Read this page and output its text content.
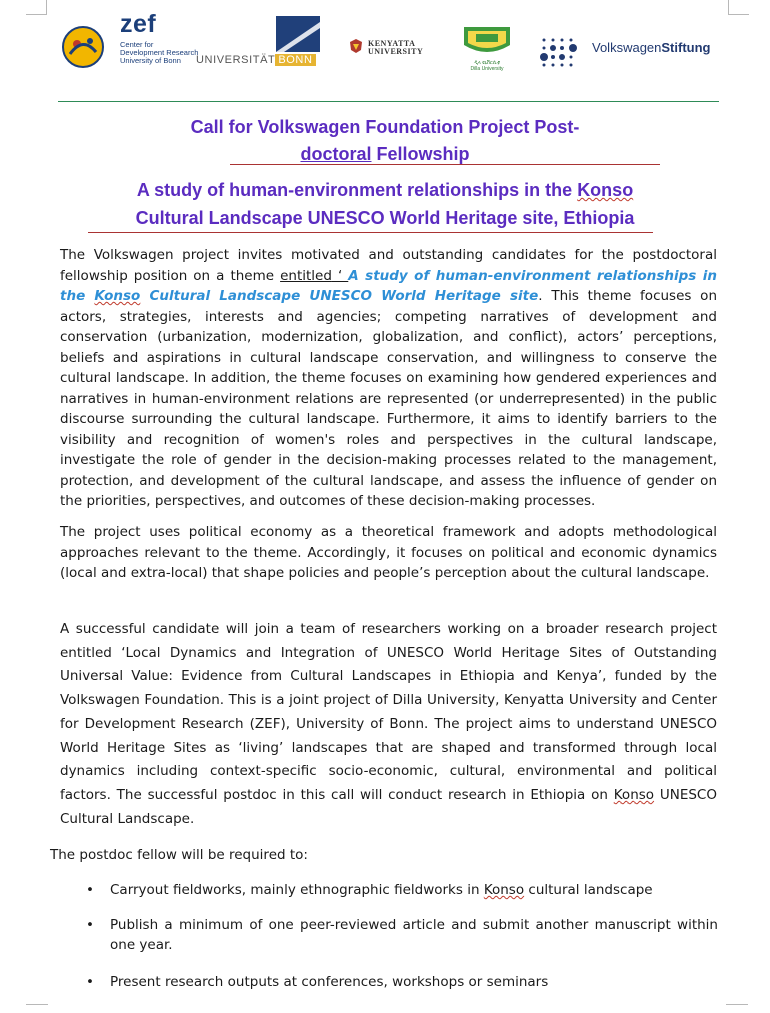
zef
Center for
Development Research
University of Bonn	UNIVERSITÄT BONN
KENYATTA
UNIVERSITY
ዲላ ዩኒቨርሲቲ
Dilla University
VolkswagenStiftung
Call for Volkswagen Foundation Project Post-
doctoral Fellowship
A study of human-environment relationships in the Konso
Cultural Landscape UNESCO World Heritage site, Ethiopia
The Volkswagen project invites motivated and outstanding candidates for the postdoctoral fellowship position on a theme entitled ‘ A study of human-environment relationships in the Konso Cultural Landscape UNESCO World Heritage site. This theme focuses on actors, strategies, interests and agencies; competing narratives of development and conservation (urbanization, modernization, globalization, and conflict), actors’ perceptions, beliefs and aspirations in cultural landscape conservation, and willingness to conserve the cultural landscape. In addition, the theme focuses on examining how gendered experiences and narratives in human-environment relations are represented (or underrepresented) in the public discourse surrounding the cultural landscape. Furthermore, it aims to identify barriers to the visibility and recognition of women's roles and perspectives in the cultural landscape, investigate the role of gender in the decision-making processes related to the management, protection, and development of the cultural landscape, and assess the influence of gender on the priorities, perspectives, and outcomes of these decision-making processes.
The project uses political economy as a theoretical framework and adopts methodological approaches relevant to the theme. Accordingly, it focuses on political and economic dynamics (local and extra-local) that shape policies and people’s perception about the cultural landscape.
A successful candidate will join a team of researchers working on a broader research project entitled ‘Local Dynamics and Integration of UNESCO World Heritage Sites of Outstanding Universal Value: Evidence from Cultural Landscapes in Ethiopia and Kenya’, funded by the Volkswagen Foundation. This is a joint project of Dilla University, Kenyatta University and Center for Development Research (ZEF), University of Bonn. The project aims to understand UNESCO World Heritage Sites as ‘living’ landscapes that are shaped and transformed through local dynamics including context-specific socio-economic, cultural, environmental and political factors. The successful postdoc in this call will conduct research in Ethiopia on Konso UNESCO Cultural Landscape.
The postdoc fellow will be required to:
• Carryout fieldworks, mainly ethnographic fieldworks in Konso cultural landscape
• Publish a minimum of one peer-reviewed article and submit another manuscript within one year.
• Present research outputs at conferences, workshops or seminars
